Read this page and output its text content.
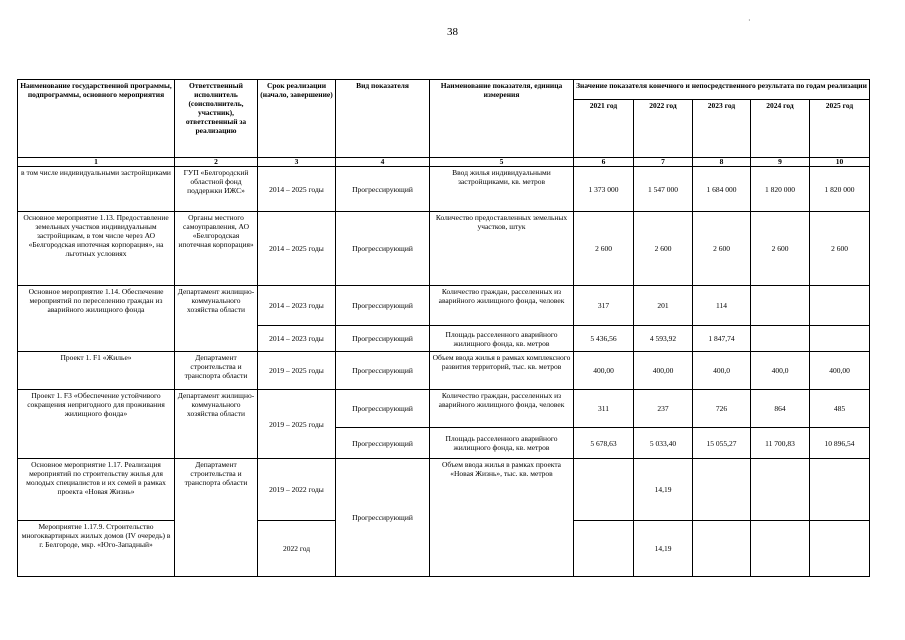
38
·
Наименование государственной программы, подпрограммы, основного мероприятия	Ответственный исполнитель (соисполнитель, участник), ответственный за реализацию	Срок реализации (начало, завершение)	Вид показателя	Наименование показателя, единица измерения	Значение показателя конечного и непосредственного результата по годам реализации				
					2021 год	2022 год	2023 год	2024 год	2025 год
1	2	3	4	5	6	7	8	9	10
в том числе индивидуальными застройщиками	ГУП «Белгородский областной фонд поддержки ИЖС»	2014 – 2025 годы	Прогрессирующий	Ввод жилья индивидуальными застройщиками, кв. метров	1 373 000	1 547 000	1 684 000	1 820 000	1 820 000
Основное мероприятие 1.13. Предоставление земельных участков индивидуальным застройщикам, в том числе через АО «Белгородская ипотечная корпорация», на льготных условиях	Органы местного самоуправления, АО «Белгородская ипотечная корпорация»	2014 – 2025 годы	Прогрессирующий	Количество предоставленных земельных участков, штук	2 600	2 600	2 600	2 600	2 600
Основное мероприятие 1.14. Обеспечение мероприятий по переселению граждан из аварийного жилищного фонда	Департамент жилищно-коммунального хозяйства области	2014 – 2023 годы	Прогрессирующий	Количество граждан, расселенных из аварийного жилищного фонда, человек	317	201	114		
		2014 – 2023 годы	Прогрессирующий	Площадь расселенного аварийного жилищного фонда, кв. метров	5 436,56	4 593,92	1 847,74		
Проект 1. F1 «Жилье»	Департамент строительства и транспорта области	2019 – 2025 годы	Прогрессирующий	Объем ввода жилья в рамках комплексного развития территорий, тыс. кв. метров	400,00	400,00	400,0	400,0	400,00
Проект 1. F3 «Обеспечение устойчивого сокращения непригодного для проживания жилищного фонда»	Департамент жилищно-коммунального хозяйства области	2019 – 2025 годы	Прогрессирующий	Количество граждан, расселенных из аварийного жилищного фонда, человек	311	237	726	864	485
			Прогрессирующий	Площадь расселенного аварийного жилищного фонда, кв. метров	5 678,63	5 033,40	15 055,27	11 700,83	10 896,54
Основное мероприятие 1.17. Реализация мероприятий по строительству жилья для молодых специалистов и их семей в рамках проекта «Новая Жизнь»	Департамент строительства и транспорта области	2019 – 2022 годы	Прогрессирующий	Объем ввода жилья в рамках проекта «Новая Жизнь», тыс. кв. метров		14,19			
Мероприятие 1.17.9. Строительство многоквартирных жилых домов (IV очередь) в г. Белгороде, мкр. «Юго-Западный»		2022 год				14,19			
